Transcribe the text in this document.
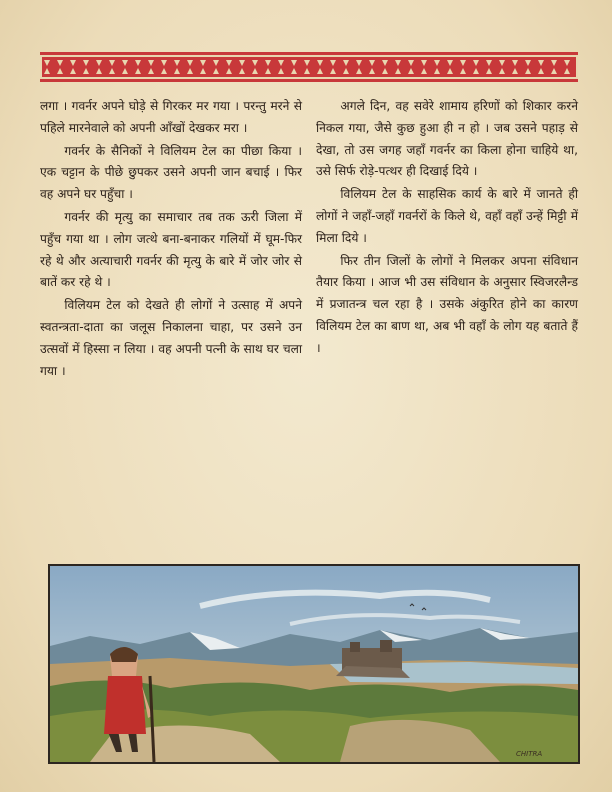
लगा । गवर्नर अपने घोड़े से गिरकर मर गया । परन्तु मरने से पहिले मारनेवाले को अपनी आँखों देखकर मरा ।

गवर्नर के सैनिकों ने विलियम टेल का पीछा किया । एक चट्टान के पीछे छुपकर उसने अपनी जान बचाई । फिर वह अपने घर पहुँचा ।

गवर्नर की मृत्यु का समाचार तब तक ऊरी जिला में पहुँच गया था । लोग जत्थे बना-बनाकर गलियों में घूम-फिर रहे थे और अत्याचारी गवर्नर की मृत्यु के बारे में जोर जोर से बातें कर रहे थे ।

विलियम टेल को देखते ही लोगों ने उत्साह में अपने स्वतन्त्रता-दाता का जलूस निकालना चाहा, पर उसने उन उत्सवों में हिस्सा न लिया । वह अपनी पत्नी के साथ घर चला गया ।

अगले दिन, वह सवेरे शामाय हरिणों को शिकार करने निकल गया, जैसे कुछ हुआ ही न हो । जब उसने पहाड़ से देखा, तो उस जगह जहाँ गवर्नर का किला होना चाहिये था, उसे सिर्फ रोड़े-पत्थर ही दिखाई दिये ।

विलियम टेल के साहसिक कार्य के बारे में जानते ही लोगों ने जहाँ-जहाँ गवर्नरों के किले थे, वहाँ वहाँ उन्हें मिट्टी में मिला दिये ।

फिर तीन जिलों के लोगों ने मिलकर अपना संविधान तैयार किया । आज भी उस संविधान के अनुसार स्विजरलैन्ड में प्रजातन्त्र चल रहा है । उसके अंकुरित होने का कारण विलियम टेल का बाण था, अब भी वहाँ के लोग यह बताते हैं ।

CHITRA
